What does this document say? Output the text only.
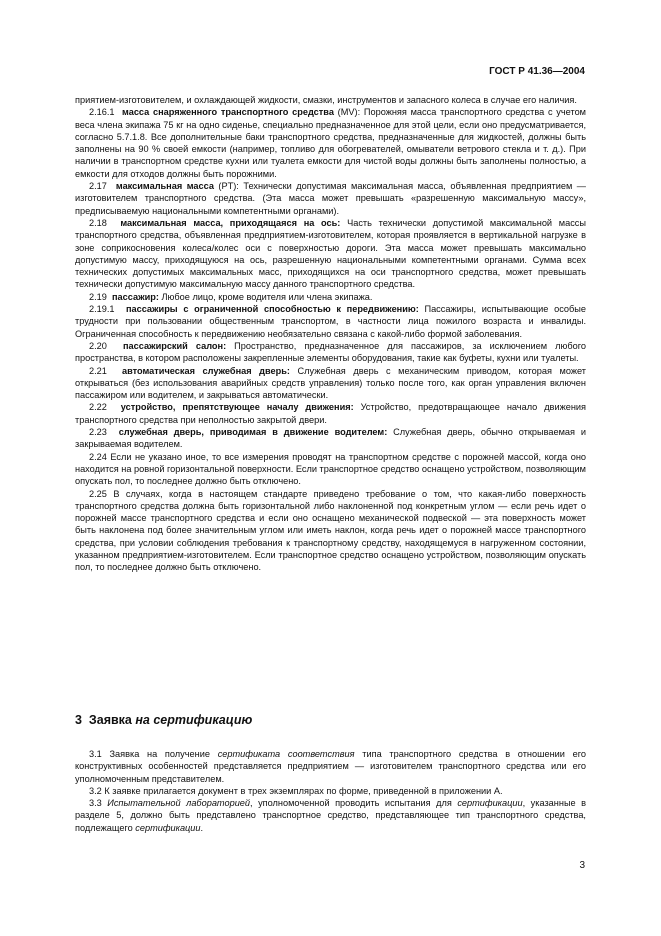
ГОСТ Р 41.36—2004

приятием-изготовителем, и охлаждающей жидкости, смазки, инструментов и запасного колеса в случае его наличия.

2.16.1 масса снаряженного транспортного средства (MV): Порожняя масса транспортного средства с учетом веса члена экипажа 75 кг на одно сиденье, специально предназначенное для этой цели, если оно предусматривается, согласно 5.7.1.8. Все дополнительные баки транспортного средства, предназначенные для жидкостей, должны быть заполнены на 90 % своей емкости (например, топливо для обогревателей, омыватели ветрового стекла и т. д.). При наличии в транспортном средстве кухни или туалета емкости для чистой воды должны быть заполнены полностью, а емкости для отходов должны быть порожними.

2.17 максимальная масса (PT): Технически допустимая максимальная масса, объявленная предприятием — изготовителем транспортного средства. (Эта масса может превышать «разрешенную максимальную массу», предписываемую национальными компетентными органами).

2.18 максимальная масса, приходящаяся на ось: Часть технически допустимой максимальной массы транспортного средства, объявленная предприятием-изготовителем, которая проявляется в вертикальной нагрузке в зоне соприкосновения колеса/колес оси с поверхностью дороги. Эта масса может превышать максимально допустимую массу, приходящуюся на ось, разрешенную национальными компетентными органами. Сумма всех технических допустимых максимальных масс, приходящихся на оси транспортного средства, может превышать технически допустимую максимальную массу данного транспортного средства.

2.19 пассажир: Любое лицо, кроме водителя или члена экипажа.

2.19.1 пассажиры с ограниченной способностью к передвижению: Пассажиры, испытывающие особые трудности при пользовании общественным транспортом, в частности лица пожилого возраста и инвалиды. Ограниченная способность к передвижению необязательно связана с какой-либо формой заболевания.

2.20 пассажирский салон: Пространство, предназначенное для пассажиров, за исключением любого пространства, в котором расположены закрепленные элементы оборудования, такие как буфеты, кухни или туалеты.

2.21 автоматическая служебная дверь: Служебная дверь с механическим приводом, которая может открываться (без использования аварийных средств управления) только после того, как орган управления включен пассажиром или водителем, и закрываться автоматически.

2.22 устройство, препятствующее началу движения: Устройство, предотвращающее начало движения транспортного средства при неполностью закрытой двери.

2.23 служебная дверь, приводимая в движение водителем: Служебная дверь, обычно открываемая и закрываемая водителем.

2.24 Если не указано иное, то все измерения проводят на транспортном средстве с порожней массой, когда оно находится на ровной горизонтальной поверхности. Если транспортное средство оснащено устройством, позволяющим опускать пол, то последнее должно быть отключено.

2.25 В случаях, когда в настоящем стандарте приведено требование о том, что какая-либо поверхность транспортного средства должна быть горизонтальной либо наклоненной под конкретным углом — если речь идет о порожней массе транспортного средства и если оно оснащено механической подвеской — эта поверхность может быть наклонена под более значительным углом или иметь наклон, когда речь идет о порожней массе транспортного средства, при условии соблюдения требования к транспортному средству, находящемуся в нагруженном состоянии, указанном предприятием-изготовителем. Если транспортное средство оснащено устройством, позволяющим опускать пол, то последнее должно быть отключено.

3 Заявка на сертификацию

3.1 Заявка на получение сертификата соответствия типа транспортного средства в отношении его конструктивных особенностей представляется предприятием — изготовителем транспортного средства или его уполномоченным представителем.

3.2 К заявке прилагается документ в трех экземплярах по форме, приведенной в приложении А.

3.3 Испытательной лабораторией, уполномоченной проводить испытания для сертификации, указанные в разделе 5, должно быть представлено транспортное средство, представляющее тип транспортного средства, подлежащего сертификации.

3
